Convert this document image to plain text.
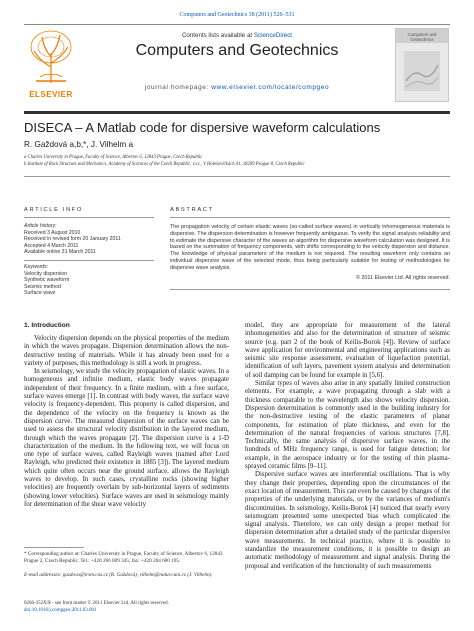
Computers and Geotechnics 38 (2011) 526–531
ELSEVIER
Contents lists available at ScienceDirect
Computers and Geotechnics
journal homepage: www.elsevier.com/locate/compgeo
Computers and Geotechnics
DISECA – A Matlab code for dispersive waveform calculations
R. Gaždová a,b,*, J. Vilhelm a
a Charles University in Prague, Faculty of Science, Albertov 6, 12843 Prague, Czech Republic
b Institute of Rock Structure and Mechanics, Academy of Sciences of the Czech Republic, v.v.i., V Holešovičkách 41, 18209 Prague 8, Czech Republic
ARTICLE INFO
Article history:
Received 3 August 2010
Received in revised form 20 January 2011
Accepted 4 March 2011
Available online 31 March 2011
Keywords:
Velocity dispersion
Synthetic waveform
Seismic method
Surface wave
ABSTRACT
The propagation velocity of certain elastic waves (so-called surface waves) in vertically inhomogeneous materials is dispersive. The dispersion determination is however frequently ambiguous. To verify the signal analysis reliability and to estimate the dispersive character of the waves an algorithm for dispersive waveform calculation was designed. It is based on the summation of frequency components, with shifts corresponding to the velocity dispersion and distance. The knowledge of physical parameters of the medium is not required. The resulting waveform only contains an individual dispersive wave of the selected mode, thus being particularly suitable for testing of methodologies for dispersive wave analysis.
© 2011 Elsevier Ltd. All rights reserved.
1. Introduction

Velocity dispersion depends on the physical properties of the medium in which the waves propagate. Dispersion determination allows the non-destructive testing of materials. While it has already been used for a variety of purposes, this methodology is still a work in progress.

In seismology, we study the velocity propagation of elastic waves. In a homogeneous and infinite medium, elastic body waves propagate independent of their frequency. In a finite medium, with a free surface, surface waves emerge [1]. In contrast with body waves, the surface wave velocity is frequency-dependent. This property is called dispersion, and the dependence of the velocity on the frequency is known as the dispersion curve. The measured dispersion of the surface waves can be used to assess the structural velocity distribution in the layered medium, through which the waves propagate [2]. The dispersion curve is a 1-D characterization of the medium. In the following text, we will focus on one type of surface waves, called Rayleigh waves (named after Lord Rayleigh, who predicted their existence in 1885 [3]). The layered medium which quite often occurs near the ground surface, allows the Rayleigh waves to develop. In such cases, crystalline rocks (showing higher velocities) are frequently overlain by sub-horizontal layers of sediments (showing lower velocities). Surface waves are used in seismology mainly for determination of the shear wave velocity

model, they are appropriate for measurement of the lateral inhomogeneities and also for the determination of structure of seismic source (e.g. part 2 of the book of Keilis-Borok [4]). Review of surface wave application for environmental and engineering applications such as seismic site response assessment, evaluation of liquefaction potential, identification of soft layers, pavement system analysis and determination of soil damping can be found for example in [5,6].

Similar types of waves also arise in any spatially limited construction elements. For example, a wave propagating through a slab with a thickness comparable to the wavelength also shows velocity dispersion. Dispersion determination is commonly used in the building industry for the non-destructive testing of the elastic parameters of planar components, for estimation of plate thickness, and even for the determination of the natural frequencies of various structures [7,8]. Technically, the same analysis of dispersive surface waves, in the hundreds of MHz frequency range, is used for fatigue detection; for example, in the aerospace industry or for the testing of thin plasma-sprayed ceramic films [9–11].

Dispersive surface waves are interferential oscillations. That is why they change their properties, depending upon the circumstances of the exact location of measurement. This can even be caused by changes of the properties of the underlying materials, or by the variances of medium's discontinuities. In seismology, Keilis-Borok [4] noticed that nearly every seismogram presented some unexpected bias which complicated the signal analysis. Therefore, we can only design a proper method for dispersion determination after a detailed study of the particular dispersive wave measurements. In technical practice, where it is possible to standardize the measurement conditions, it is possible to design an automatic methodology of measurement and signal analysis. During the proposal and verification of the functionality of such measurements

* Corresponding author at: Charles University in Prague, Faculty of Science, Albertov 6, 12843 Prague 2, Czech Republic. Tel.: +420 266 009 345; fax: +420 284 680 105.
E-mail addresses: gazdova@irsm.cas.cz (R. Gaždová), vilhelm@natur.cuni.cz (J. Vilhelm).
0266-352X/$ - see front matter © 2011 Elsevier Ltd. All rights reserved.
doi:10.1016/j.compgeo.2011.03.001
